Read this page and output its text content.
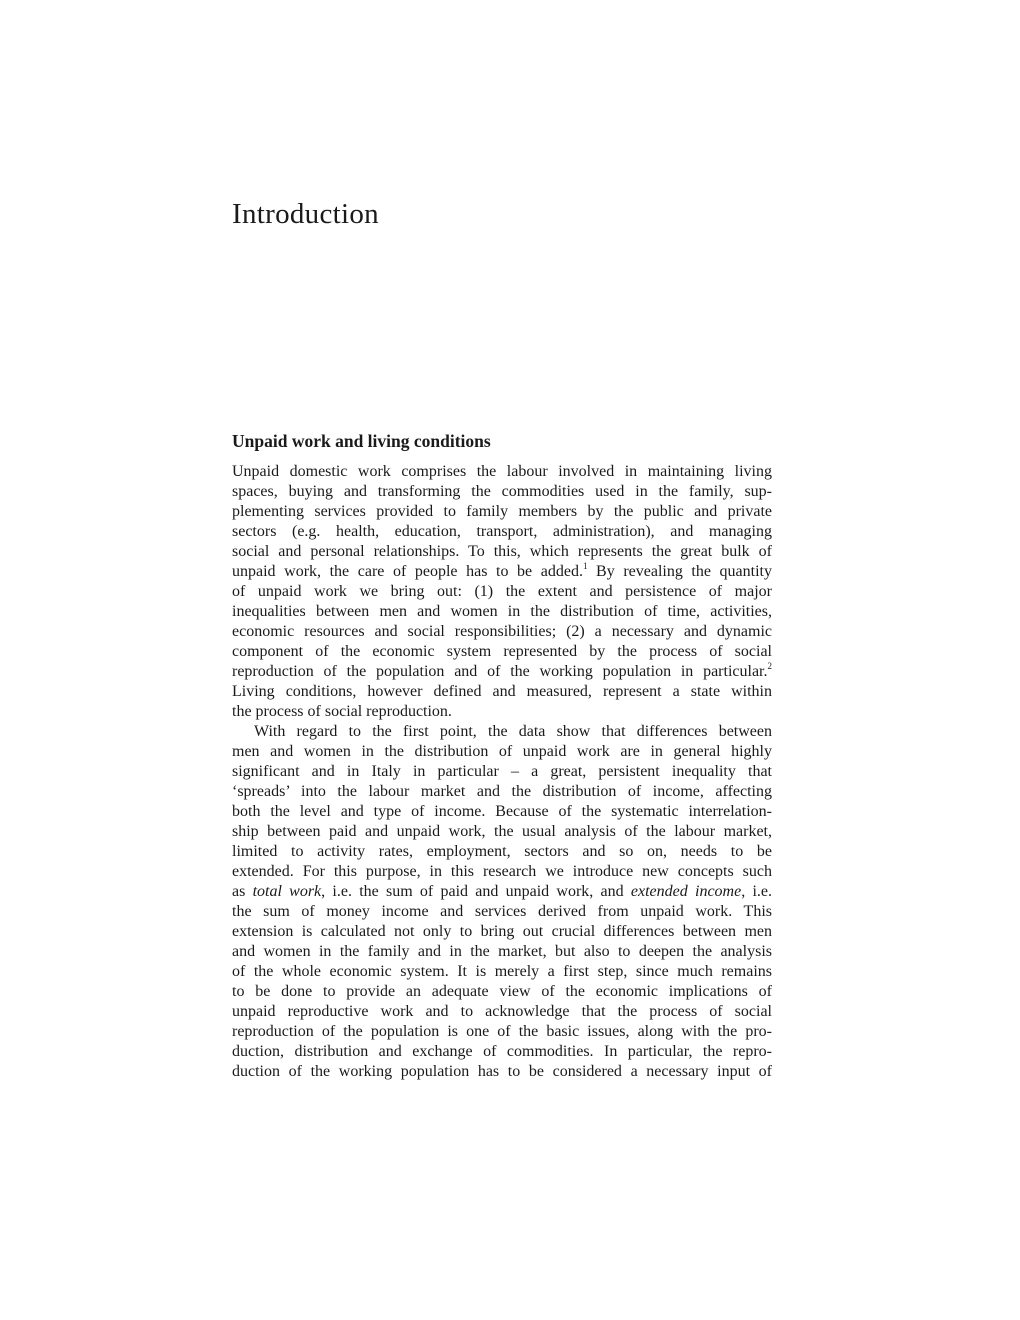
Introduction
Unpaid work and living conditions
Unpaid domestic work comprises the labour involved in maintaining living
spaces, buying and transforming the commodities used in the family, sup-
plementing services provided to family members by the public and private
sectors (e.g. health, education, transport, administration), and managing
social and personal relationships. To this, which represents the great bulk of
unpaid work, the care of people has to be added.$^1$ By revealing the quantity
of unpaid work we bring out: (1) the extent and persistence of major
inequalities between men and women in the distribution of time, activities,
economic resources and social responsibilities; (2) a necessary and dynamic
component of the economic system represented by the process of social
reproduction of the population and of the working population in particular.$^2$
Living conditions, however defined and measured, represent a state within
the process of social reproduction.
With regard to the first point, the data show that differences between
men and women in the distribution of unpaid work are in general highly
significant and in Italy in particular – a great, persistent inequality that
‘spreads’ into the labour market and the distribution of income, affecting
both the level and type of income. Because of the systematic interrelation-
ship between paid and unpaid work, the usual analysis of the labour market,
limited to activity rates, employment, sectors and so on, needs to be
extended. For this purpose, in this research we introduce new concepts such
as total work, i.e. the sum of paid and unpaid work, and extended income, i.e.
the sum of money income and services derived from unpaid work. This
extension is calculated not only to bring out crucial differences between men
and women in the family and in the market, but also to deepen the analysis
of the whole economic system. It is merely a first step, since much remains
to be done to provide an adequate view of the economic implications of
unpaid reproductive work and to acknowledge that the process of social
reproduction of the population is one of the basic issues, along with the pro-
duction, distribution and exchange of commodities. In particular, the repro-
duction of the working population has to be considered a necessary input of
